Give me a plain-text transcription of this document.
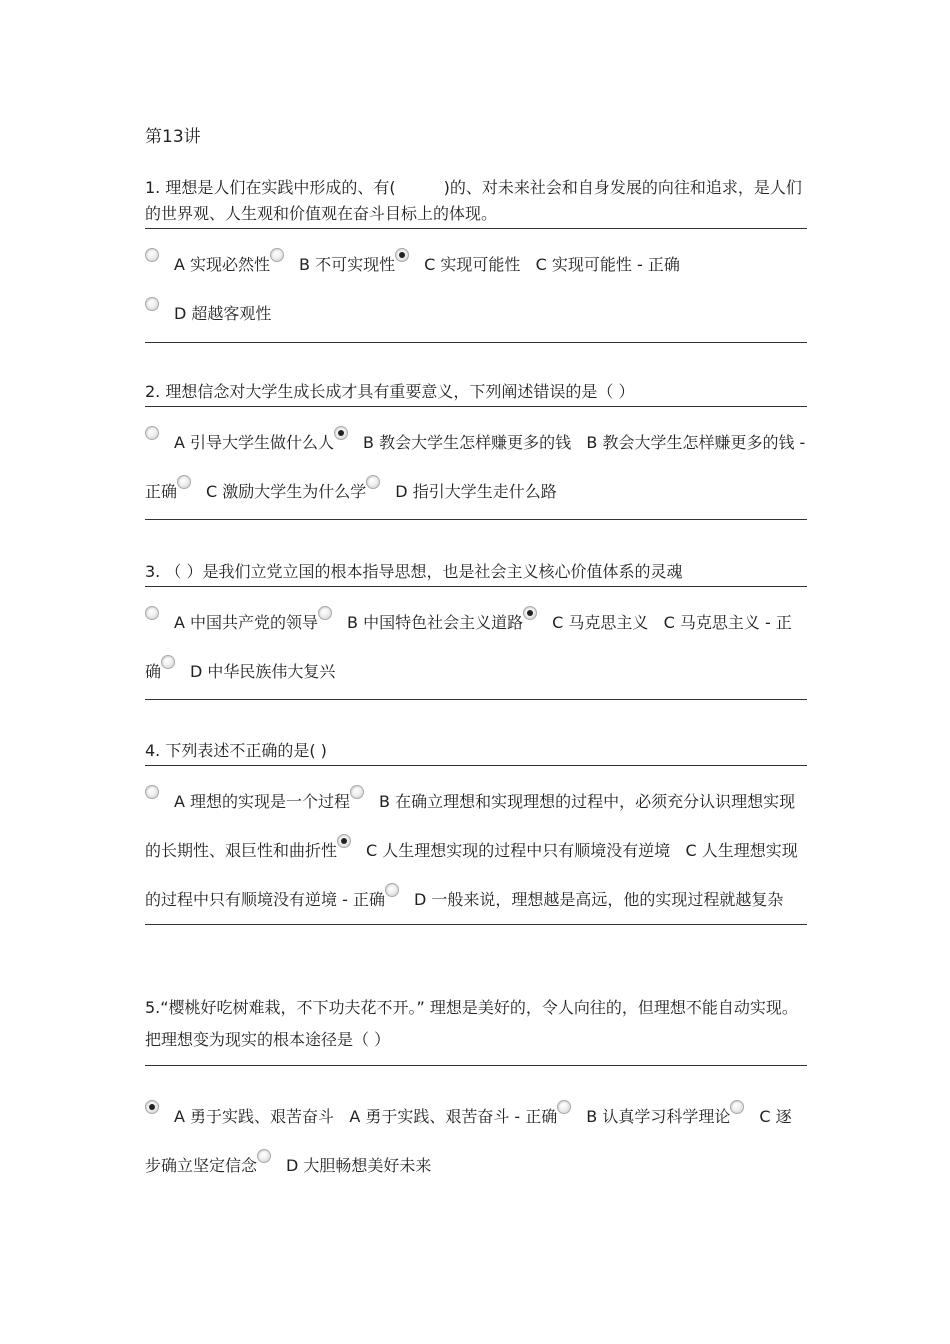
第13讲
1. 理想是人们在实践中形成的、有(　　　)的、对未来社会和自身发展的向往和追求，是人们的世界观、人生观和价值观在奋斗目标上的体现。
A 实现必然性 B 不可实现性 C 实现可能性 C 实现可能性 - 正确
D 超越客观性
2. 理想信念对大学生成长成才具有重要意义，下列阐述错误的是（ ）
A 引导大学生做什么人 B 教会大学生怎样赚更多的钱 B 教会大学生怎样赚更多的钱 - 正确 C 激励大学生为什么学 D 指引大学生走什么路
3. （ ）是我们立党立国的根本指导思想，也是社会主义核心价值体系的灵魂
A 中国共产党的领导 B 中国特色社会主义道路 C 马克思主义 C 马克思主义 - 正确 D 中华民族伟大复兴
4. 下列表述不正确的是( )
A 理想的实现是一个过程 B 在确立理想和实现理想的过程中，必须充分认识理想实现的长期性、艰巨性和曲折性 C 人生理想实现的过程中只有顺境没有逆境 C 人生理想实现的过程中只有顺境没有逆境 - 正确 D 一般来说，理想越是高远，他的实现过程就越复杂
5.“樱桃好吃树难栽，不下功夫花不开。” 理想是美好的，令人向往的，但理想不能自动实现。把理想变为现实的根本途径是（ ）
A 勇于实践、艰苦奋斗 A 勇于实践、艰苦奋斗 - 正确 B 认真学习科学理论 C 逐步确立坚定信念 D 大胆畅想美好未来
